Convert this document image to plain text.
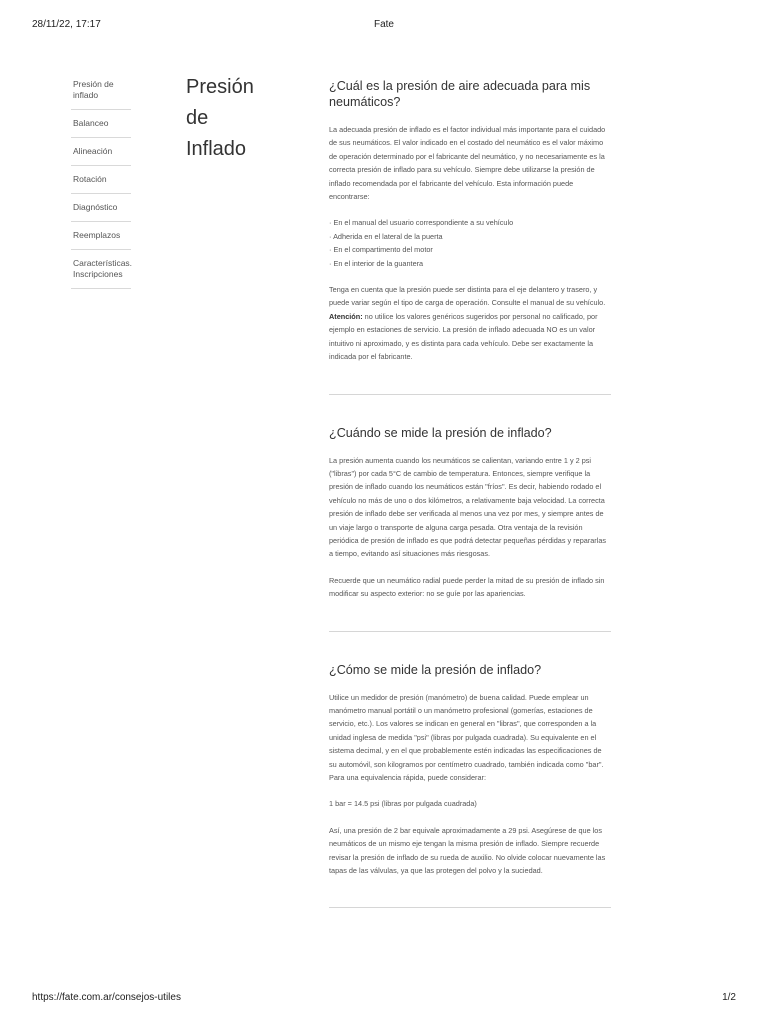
28/11/22, 17:17	Fate
Presión de inflado
Balanceo
Alineación
Rotación
Diagnóstico
Reemplazos
Características. Inscripciones
Presión
de
Inflado
¿Cuál es la presión de aire adecuada para mis neumáticos?

La adecuada presión de inflado es el factor individual más importante para el cuidado de sus neumáticos. El valor indicado en el costado del neumático es el valor máximo de operación determinado por el fabricante del neumático, y no necesariamente es la correcta presión de inflado para su vehículo. Siempre debe utilizarse la presión de inflado recomendada por el fabricante del vehículo. Esta información puede encontrarse:

· En el manual del usuario correspondiente a su vehículo
· Adherida en el lateral de la puerta
· En el compartimento del motor
· En el interior de la guantera

Tenga en cuenta que la presión puede ser distinta para el eje delantero y trasero, y puede variar según el tipo de carga de operación. Consulte el manual de su vehículo. Atención: no utilice los valores genéricos sugeridos por personal no calificado, por ejemplo en estaciones de servicio. La presión de inflado adecuada NO es un valor intuitivo ni aproximado, y es distinta para cada vehículo. Debe ser exactamente la indicada por el fabricante.

¿Cuándo se mide la presión de inflado?

La presión aumenta cuando los neumáticos se calientan, variando entre 1 y 2 psi ("libras") por cada 5°C de cambio de temperatura. Entonces, siempre verifique la presión de inflado cuando los neumáticos están "fríos". Es decir, habiendo rodado el vehículo no más de uno o dos kilómetros, a relativamente baja velocidad. La correcta presión de inflado debe ser verificada al menos una vez por mes, y siempre antes de un viaje largo o transporte de alguna carga pesada. Otra ventaja de la revisión periódica de presión de inflado es que podrá detectar pequeñas pérdidas y repararlas a tiempo, evitando así situaciones más riesgosas.

Recuerde que un neumático radial puede perder la mitad de su presión de inflado sin modificar su aspecto exterior: no se guíe por las apariencias.

¿Cómo se mide la presión de inflado?

Utilice un medidor de presión (manómetro) de buena calidad. Puede emplear un manómetro manual portátil o un manómetro profesional (gomerías, estaciones de servicio, etc.). Los valores se indican en general en "libras", que corresponden a la unidad inglesa de medida "psi" (libras por pulgada cuadrada). Su equivalente en el sistema decimal, y en el que probablemente estén indicadas las especificaciones de su automóvil, son kilogramos por centímetro cuadrado, también indicada como "bar". Para una equivalencia rápida, puede considerar:

1 bar = 14.5 psi (libras por pulgada cuadrada)

Así, una presión de 2 bar equivale aproximadamente a 29 psi. Asegúrese de que los neumáticos de un mismo eje tengan la misma presión de inflado. Siempre recuerde revisar la presión de inflado de su rueda de auxilio. No olvide colocar nuevamente las tapas de las válvulas, ya que las protegen del polvo y la suciedad.

https://fate.com.ar/consejos-utiles	1/2
